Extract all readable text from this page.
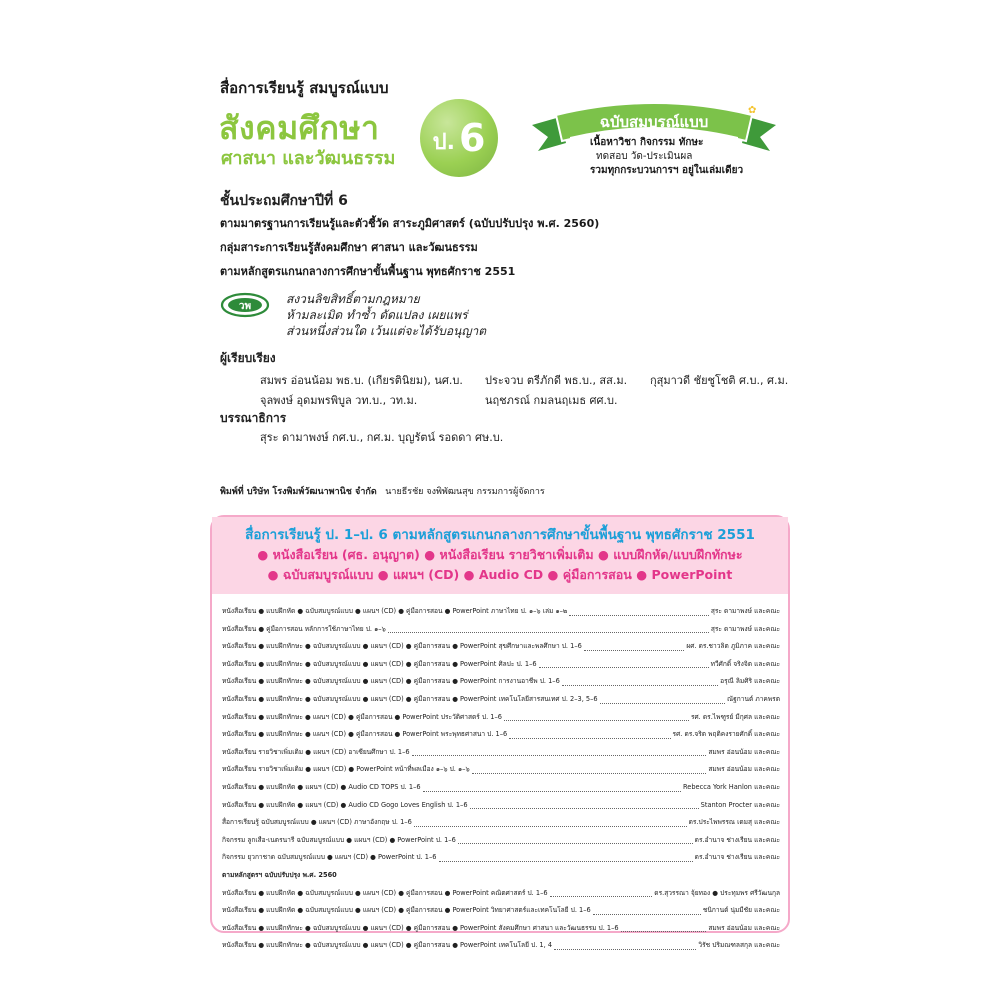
สื่อการเรียนรู้ สมบูรณ์แบบ
สังคมศึกษา
ศาสนา และวัฒนธรรม
ป. 6
✿
ฉบับสมบูรณ์แบบ
เนื้อหาวิชา กิจกรรม ทักษะ
ทดสอบ วัด-ประเมินผล
รวมทุกกระบวนการฯ อยู่ในเล่มเดียว
ชั้นประถมศึกษาปีที่ 6
ตามมาตรฐานการเรียนรู้และตัวชี้วัด สาระภูมิศาสตร์ (ฉบับปรับปรุง พ.ศ. 2560)
กลุ่มสาระการเรียนรู้สังคมศึกษา ศาสนา และวัฒนธรรม
ตามหลักสูตรแกนกลางการศึกษาขั้นพื้นฐาน พุทธศักราช 2551
วพ
สงวนลิขสิทธิ์ตามกฎหมาย
ห้ามละเมิด ทำซ้ำ ดัดแปลง เผยแพร่
ส่วนหนึ่งส่วนใด เว้นแต่จะได้รับอนุญาต
ผู้เรียบเรียง
สมพร อ่อนน้อม พธ.บ. (เกียรตินิยม), นศ.บ.	ประจวบ ตรีภักดี พธ.บ., สส.ม.	กุสุมาวดี ชัยชูโชติ ศ.บ., ศ.ม.
จุลพงษ์ อุดมพรพิบูล วท.บ., วท.ม.	นฤชภรณ์ กมลนฤเมธ ศศ.บ.
บรรณาธิการ
สุระ ดามาพงษ์ กศ.บ., กศ.ม. บุญรัตน์ รอดดา ศษ.บ.
พิมพ์ที่ บริษัท โรงพิมพ์วัฒนาพานิช จำกัด นายธีรชัย จงพิพัฒนสุข กรรมการผู้จัดการ
สื่อการเรียนรู้ ป. 1–ป. 6 ตามหลักสูตรแกนกลางการศึกษาขั้นพื้นฐาน พุทธศักราช 2551
● หนังสือเรียน (ศธ. อนุญาต) ● หนังสือเรียน รายวิชาเพิ่มเติม ● แบบฝึกหัด/แบบฝึกทักษะ
● ฉบับสมบูรณ์แบบ ● แผนฯ (CD) ● Audio CD ● คู่มือการสอน ● PowerPoint
หนังสือเรียน ● แบบฝึกหัด ● ฉบับสมบูรณ์แบบ ● แผนฯ (CD) ● คู่มือการสอน ● PowerPoint ภาษาไทย ป. ๑–๖ เล่ม ๑–๒	สุระ ดามาพงษ์ และคณะ
หนังสือเรียน ● คู่มือการสอน หลักการใช้ภาษาไทย ป. ๑–๖	สุระ ดามาพงษ์ และคณะ
หนังสือเรียน ● แบบฝึกทักษะ ● ฉบับสมบูรณ์แบบ ● แผนฯ (CD) ● คู่มือการสอน ● PowerPoint สุขศึกษาและพลศึกษา ป. 1–6	ผศ. ดร.ชาวลิต ภูมิภาค และคณะ
หนังสือเรียน ● แบบฝึกทักษะ ● ฉบับสมบูรณ์แบบ ● แผนฯ (CD) ● คู่มือการสอน ● PowerPoint ศิลปะ ป. 1–6	ทวีศักดิ์ จริงจิต และคณะ
หนังสือเรียน ● แบบฝึกทักษะ ● ฉบับสมบูรณ์แบบ ● แผนฯ (CD) ● คู่มือการสอน ● PowerPoint การงานอาชีพ ป. 1–6	อรุณี ลิมศิริ และคณะ
หนังสือเรียน ● แบบฝึกทักษะ ● ฉบับสมบูรณ์แบบ ● แผนฯ (CD) ● คู่มือการสอน ● PowerPoint เทคโนโลยีสารสนเทศ ป. 2–3, 5–6	ณัฐกานต์ ภาคพรต
หนังสือเรียน ● แบบฝึกทักษะ ● แผนฯ (CD) ● คู่มือการสอน ● PowerPoint ประวัติศาสตร์ ป. 1–6	รศ. ดร.ไพฑูรย์ มีกุศล และคณะ
หนังสือเรียน ● แบบฝึกทักษะ ● แผนฯ (CD) ● คู่มือการสอน ● PowerPoint พระพุทธศาสนา ป. 1–6	รศ. ดร.จริต พฤติคงรายศักดิ์ และคณะ
หนังสือเรียน รายวิชาเพิ่มเติม ● แผนฯ (CD) อาเซียนศึกษา ป. 1–6	สมพร อ่อนน้อม และคณะ
หนังสือเรียน รายวิชาเพิ่มเติม ● แผนฯ (CD) ● PowerPoint หน้าที่พลเมือง ๑–๖ ป. ๑–๖	สมพร อ่อนน้อม และคณะ
หนังสือเรียน ● แบบฝึกหัด ● แผนฯ (CD) ● Audio CD TOPS ป. 1–6	Rebecca York Hanlon และคณะ
หนังสือเรียน ● แบบฝึกหัด ● แผนฯ (CD) ● Audio CD Gogo Loves English ป. 1–6	Stanton Procter และคณะ
สื่อการเรียนรู้ ฉบับสมบูรณ์แบบ ● แผนฯ (CD) ภาษาอังกฤษ ป. 1–6	ดร.ประไพพรรณ เดมสุ และคณะ
กิจกรรม ลูกเสือ-เนตรนารี ฉบับสมบูรณ์แบบ ● แผนฯ (CD) ● PowerPoint ป. 1–6	ดร.อำนาจ ช่างเรียน และคณะ
กิจกรรม ยุวกาชาด ฉบับสมบูรณ์แบบ ● แผนฯ (CD) ● PowerPoint ป. 1–6	ดร.อำนาจ ช่างเรียน และคณะ
ตามหลักสูตรฯ ฉบับปรับปรุง พ.ศ. 2560
หนังสือเรียน ● แบบฝึกหัด ● ฉบับสมบูรณ์แบบ ● แผนฯ (CD) ● คู่มือการสอน ● PowerPoint คณิตศาสตร์ ป. 1–6	ดร.สุวรรณา จุ้ยทอง ● ประทุมพร ศรีวัฒนกุล
หนังสือเรียน ● แบบฝึกหัด ● ฉบับสมบูรณ์แบบ ● แผนฯ (CD) ● คู่มือการสอน ● PowerPoint วิทยาศาสตร์และเทคโนโลยี ป. 1–6	ชนิกานต์ นุ่มมีชัย และคณะ
หนังสือเรียน ● แบบฝึกทักษะ ● ฉบับสมบูรณ์แบบ ● แผนฯ (CD) ● คู่มือการสอน ● PowerPoint สังคมศึกษา ศาสนา และวัฒนธรรม ป. 1–6	สมพร อ่อนน้อม และคณะ
หนังสือเรียน ● แบบฝึกทักษะ ● ฉบับสมบูรณ์แบบ ● แผนฯ (CD) ● คู่มือการสอน ● PowerPoint เทคโนโลยี ป. 1, 4	วิรัช ปริมณฑลสกุล และคณะ
